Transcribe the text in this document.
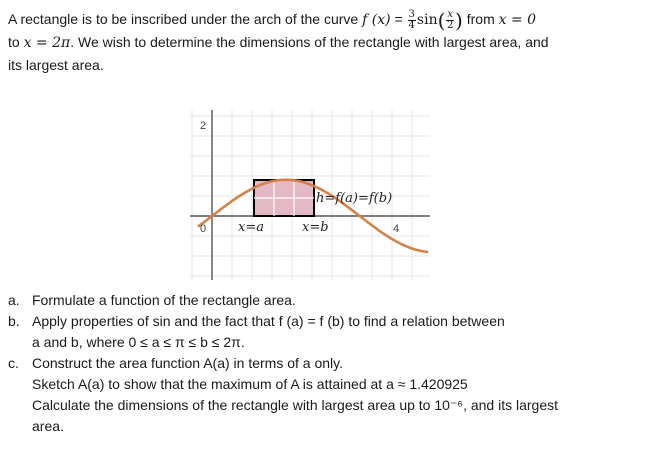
A rectangle is to be inscribed under the arch of the curve f $(x) = \frac{3}{4} \sin( \frac{x}{2}$ ) from x = 0
to x = 2π. We wish to determine the dimensions of the rectangle with largest area, and
its largest area.
2
0	4
x=a	x=b
h=f(a)=f(b)
a. Formulate a function of the rectangle area.
b. Apply properties of sin and the fact that f (a) = f (b) to find a relation between
a and b, where 0 ≤ a ≤ π ≤ b ≤ 2π.
c. Construct the area function A(a) in terms of a only.
Sketch A(a) to show that the maximum of A is attained at a ≈ 1.420925
Calculate the dimensions of the rectangle with largest area up to 10⁻⁶, and its largest
area.
